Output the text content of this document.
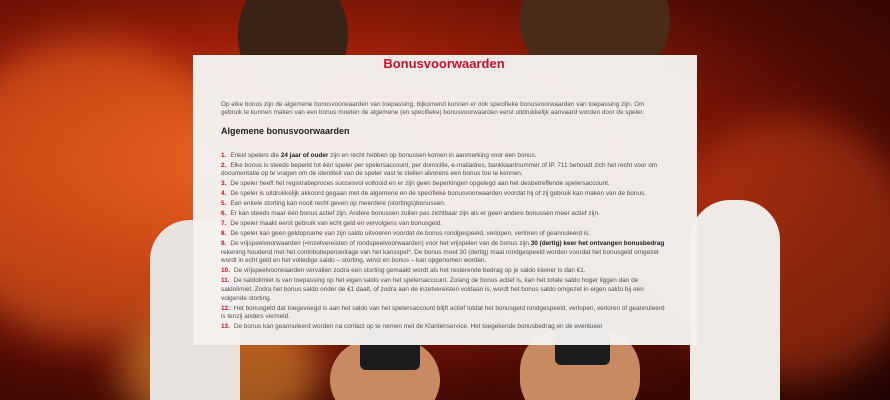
Bonusvoorwaarden
Op elke bonus zijn de algemene bonusvoorwaarden van toepassing, bijkomend kunnen er ook specifieke bonusvoorwaarden van toepassing zijn. Om gebruik te kunnen maken van een bonus moeten de algemene (en specifieke) bonusvoorwaarden eerst uitdrukkelijk aanvaard worden door de speler.
Algemene bonusvoorwaarden
1. Enkel spelers die 24 jaar of ouder zijn en recht hebben op bonussen komen in aanmerking voor een bonus.
2. Elke bonus is steeds beperkt tot één speler per spelersaccount, per domicilie, e-mailadres, bankkaartnummer of IP. 711 behoudt zich het recht voor om documentatie op te vragen om de identiteit van de speler vast te stellen alvorens een bonus toe te kennen.
3. De speler heeft het registratieproces succesvol voltooid en er zijn geen beperkingen opgelegd aan het desbetreffende spelersaccount.
4. De speler is uitdrukkelijk akkoord gegaan met de algemene en de specifieke bonusvoorwaarden voordat hij of zij gebruik kan maken van de bonus.
5. Een enkele storting kan nooit recht geven op meerdere (stortings)bonussen.
6. Er kan steeds maar één bonus actief zijn. Andere bonussen zullen pas zichtbaar zijn als er geen andere bonussen meer actief zijn.
7. De speler maakt eerst gebruik van echt geld en vervolgens van bonusgeld.
8. De speler kan geen geldopname van zijn saldo uitvoeren voordat de bonus rondgespeeld, verlopen, verloren of geannuleerd is.
9. De vrijspeelvoorwaarden (=inzetvereisten of rondspeelvoorwaarden) voor het vrijspelen van de bonus zijn 30 (dertig) keer het ontvangen bonusbedrag rekening houdend met het contributiepercentage van het kansspel*. De bonus moet 30 (dertig) maal rondgespeeld worden voordat het bonusgeld omgezet wordt in echt geld en het volledige saldo – storting, winst en bonus – kan opgenomen worden.
10. De vrijspeelvoorwaarden vervallen zodra een storting gemaakt wordt als het resterende bedrag op je saldo kleiner is dan €1.
11. De saldolimiet is van toepassing op het eigen saldo van het spelersaccount. Zolang de bonus actief is, kan het totale saldo hoger liggen dan de saldolimiet. Zodra het bonus saldo onder de €1 daalt, of zodra aan de inzetvereisten voldaan is, wordt het bonus saldo omgezet in eigen saldo bij een volgende storting.
12. Het bonusgeld dat toegevoegd is aan het saldo van het spelersaccount blijft actief totdat het bonusgeld rondgespeeld, verlopen, verloren of geannuleerd is tenzij anders vermeld.
13. De bonus kan geannuleerd worden na contact op te nemen met de Klantenservice. Het toegekende bonusbedrag en de eventueel
